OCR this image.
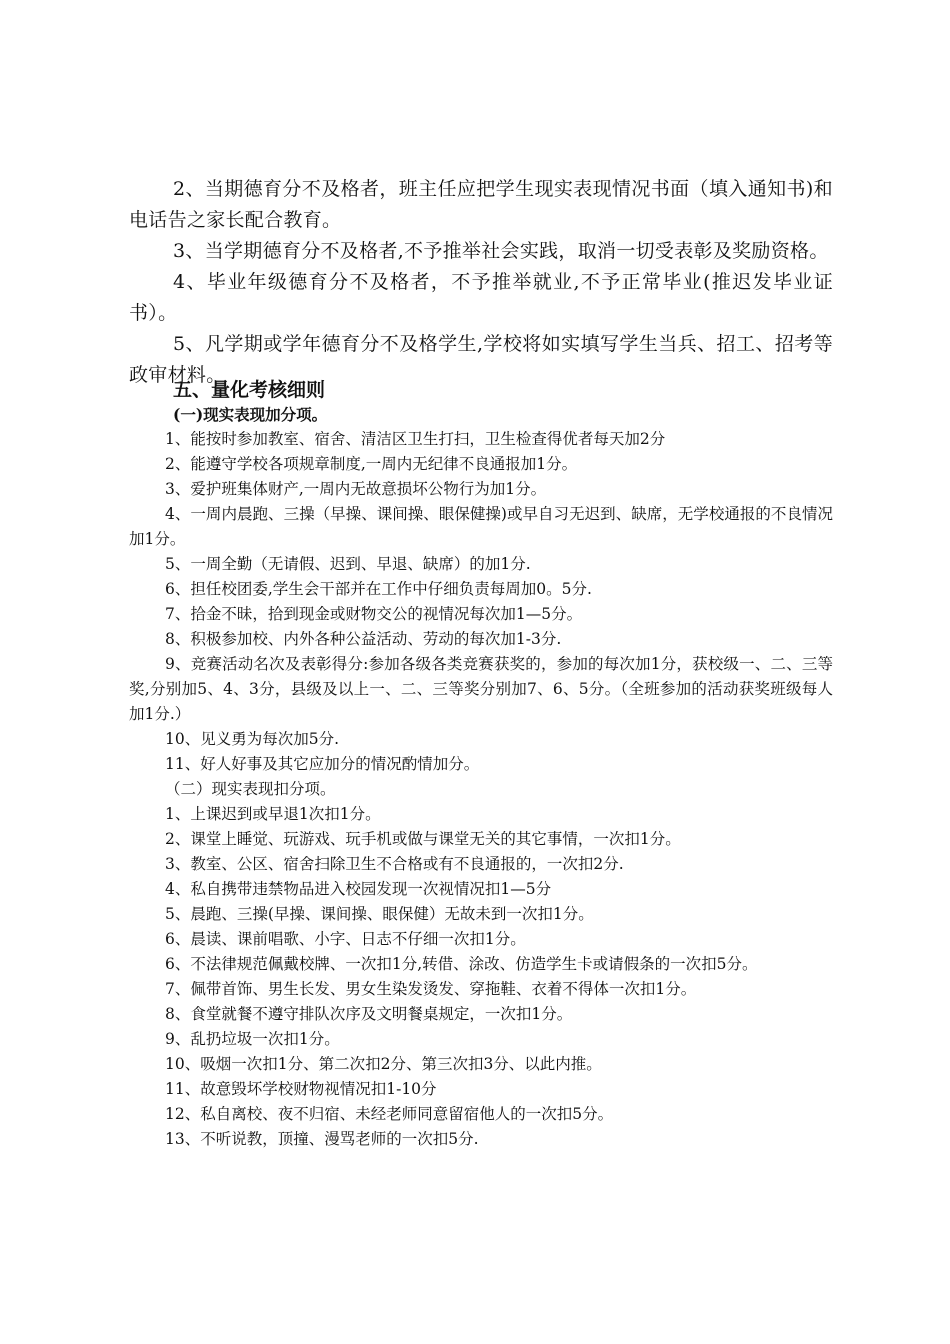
2、当期德育分不及格者，班主任应把学生现实表现情况书面（填入通知书)和电话告之家长配合教育。

3、当学期德育分不及格者,不予推举社会实践，取消一切受表彰及奖励资格。

4、毕业年级德育分不及格者，不予推举就业,不予正常毕业(推迟发毕业证书）。

5、凡学期或学年德育分不及格学生,学校将如实填写学生当兵、招工、招考等政审材料。

五、量化考核细则
(一)现实表现加分项。

1、能按时参加教室、宿舍、清洁区卫生打扫，卫生检查得优者每天加2分

2、能遵守学校各项规章制度,一周内无纪律不良通报加1分。

3、爱护班集体财产,一周内无故意损坏公物行为加1分。

4、一周内晨跑、三操（早操、课间操、眼保健操)或早自习无迟到、缺席，无学校通报的不良情况加1分。

5、一周全勤（无请假、迟到、早退、缺席）的加1分.

6、担任校团委,学生会干部并在工作中仔细负责每周加0。5分.

7、拾金不昧，拾到现金或财物交公的视情况每次加1—5分。

8、积极参加校、内外各种公益活动、劳动的每次加1-3分.

9、竞赛活动名次及表彰得分:参加各级各类竞赛获奖的，参加的每次加1分，获校级一、二、三等奖,分别加5、4、3分，县级及以上一、二、三等奖分别加7、6、5分。（全班参加的活动获奖班级每人加1分.）

10、见义勇为每次加5分.

11、好人好事及其它应加分的情况酌情加分。

（二）现实表现扣分项。

1、上课迟到或早退1次扣1分。

2、课堂上睡觉、玩游戏、玩手机或做与课堂无关的其它事情，一次扣1分。

3、教室、公区、宿舍扫除卫生不合格或有不良通报的，一次扣2分.

4、私自携带违禁物品进入校园发现一次视情况扣1—5分

5、晨跑、三操(早操、课间操、眼保健）无故未到一次扣1分。

6、晨读、课前唱歌、小字、日志不仔细一次扣1分。

6、不法律规范佩戴校牌、一次扣1分,转借、涂改、仿造学生卡或请假条的一次扣5分。

7、佩带首饰、男生长发、男女生染发烫发、穿拖鞋、衣着不得体一次扣1分。

8、食堂就餐不遵守排队次序及文明餐桌规定，一次扣1分。

9、乱扔垃圾一次扣1分。

10、吸烟一次扣1分、第二次扣2分、第三次扣3分、以此内推。

11、故意毁坏学校财物视情况扣1-10分

12、私自离校、夜不归宿、未经老师同意留宿他人的一次扣5分。

13、不听说教，顶撞、漫骂老师的一次扣5分.
